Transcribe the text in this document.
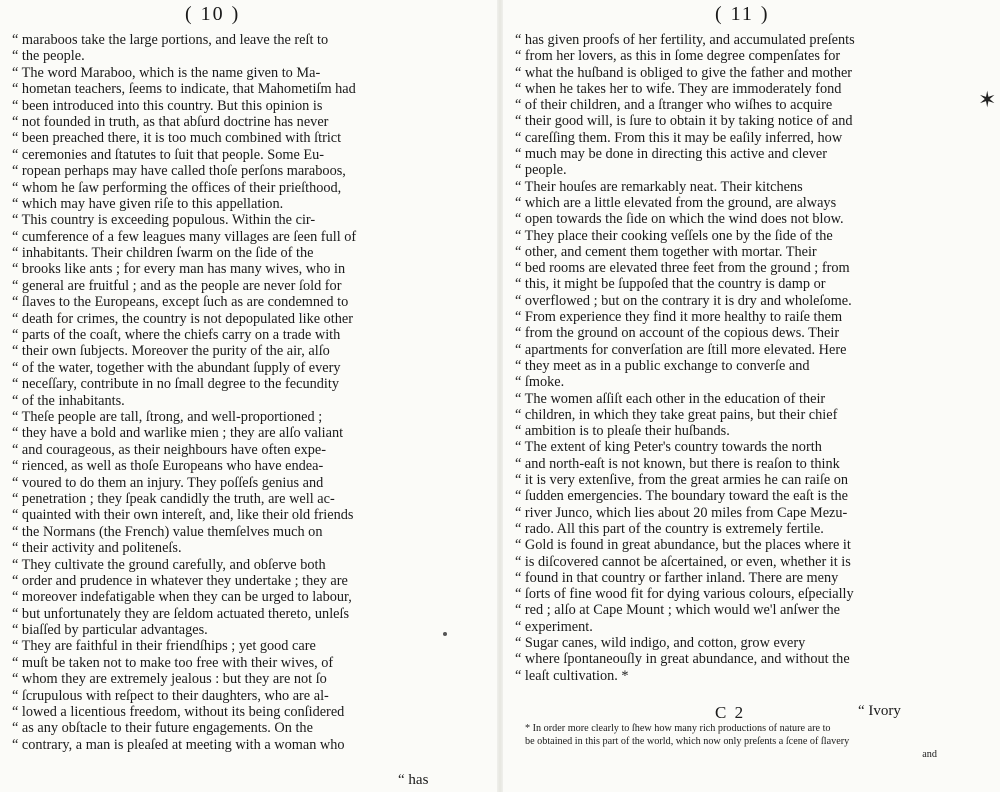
( 10 )
“ maraboos take the large portions, and leave the reſt to
“ the people.
“ The word Maraboo, which is the name given to Ma-
“ hometan teachers, ſeems to indicate, that Mahometiſm had
“ been introduced into this country. But this opinion is
“ not founded in truth, as that abſurd doctrine has never
“ been preached there, it is too much combined with ſtrict
“ ceremonies and ſtatutes to ſuit that people. Some Eu-
“ ropean perhaps may have called thoſe perſons maraboos,
“ whom he ſaw performing the offices of their prieſthood,
“ which may have given riſe to this appellation.
“ This country is exceeding populous. Within the cir-
“ cumference of a few leagues many villages are ſeen full of
“ inhabitants. Their children ſwarm on the ſide of the
“ brooks like ants ; for every man has many wives, who in
“ general are fruitful ; and as the people are never ſold for
“ ſlaves to the Europeans, except ſuch as are condemned to
“ death for crimes, the country is not depopulated like other
“ parts of the coaſt, where the chiefs carry on a trade with
“ their own ſubjects. Moreover the purity of the air, alſo
“ of the water, together with the abundant ſupply of every
“ neceſſary, contribute in no ſmall degree to the fecundity
“ of the inhabitants.
“ Theſe people are tall, ſtrong, and well-proportioned ;
“ they have a bold and warlike mien ; they are alſo valiant
“ and courageous, as their neighbours have often expe-
“ rienced, as well as thoſe Europeans who have endea-
“ voured to do them an injury. They poſſeſs genius and
“ penetration ; they ſpeak candidly the truth, are well ac-
“ quainted with their own intereſt, and, like their old friends
“ the Normans (the French) value themſelves much on
“ their activity and politeneſs.
“ They cultivate the ground carefully, and obſerve both
“ order and prudence in whatever they undertake ; they are
“ moreover indefatigable when they can be urged to labour,
“ but unfortunately they are ſeldom actuated thereto, unleſs
“ biaſſed by particular advantages.
“ They are faithful in their friendſhips ; yet good care
“ muſt be taken not to make too free with their wives, of
“ whom they are extremely jealous : but they are not ſo
“ ſcrupulous with reſpect to their daughters, who are al-
“ lowed a licentious freedom, without its being conſidered
“ as any obſtacle to their future engagements. On the
“ contrary, a man is pleaſed at meeting with a woman who
“ has
( 11 )
“ has given proofs of her fertility, and accumulated preſents
“ from her lovers, as this in ſome degree compenſates for
“ what the huſband is obliged to give the father and mother
“ when he takes her to wife. They are immoderately fond
“ of their children, and a ſtranger who wiſhes to acquire
“ their good will, is ſure to obtain it by taking notice of and
“ careſſing them. From this it may be eaſily inferred, how
“ much may be done in directing this active and clever
“ people.
“ Their houſes are remarkably neat. Their kitchens
“ which are a little elevated from the ground, are always
“ open towards the ſide on which the wind does not blow.
“ They place their cooking veſſels one by the ſide of the
“ other, and cement them together with mortar. Their
“ bed rooms are elevated three feet from the ground ; from
“ this, it might be ſuppoſed that the country is damp or
“ overflowed ; but on the contrary it is dry and wholeſome.
“ From experience they find it more healthy to raiſe them
“ from the ground on account of the copious dews. Their
“ apartments for converſation are ſtill more elevated. Here
“ they meet as in a public exchange to converſe and
“ ſmoke.
“ The women aſſiſt each other in the education of their
“ children, in which they take great pains, but their chief
“ ambition is to pleaſe their huſbands.
“ The extent of king Peter's country towards the north
“ and north-eaſt is not known, but there is reaſon to think
“ it is very extenſive, from the great armies he can raiſe on
“ ſudden emergencies. The boundary toward the eaſt is the
“ river Junco, which lies about 20 miles from Cape Mezu-
“ rado. All this part of the country is extremely fertile.
“ Gold is found in great abundance, but the places where it
“ is diſcovered cannot be aſcertained, or even, whether it is
“ found in that country or farther inland. There are meny
“ ſorts of fine wood fit for dying various colours, eſpecially
“ red ; alſo at Cape Mount ; which would we'l anſwer the
“ experiment.
“ Sugar canes, wild indigo, and cotton, grow every
“ where ſpontaneouſly in great abundance, and without the
“ leaſt cultivation. *
C 2	“ Ivory
* In order more clearly to ſhew how many rich productions of nature are to
be obtained in this part of the world, which now only preſents a ſcene of ſlavery
and
✶
